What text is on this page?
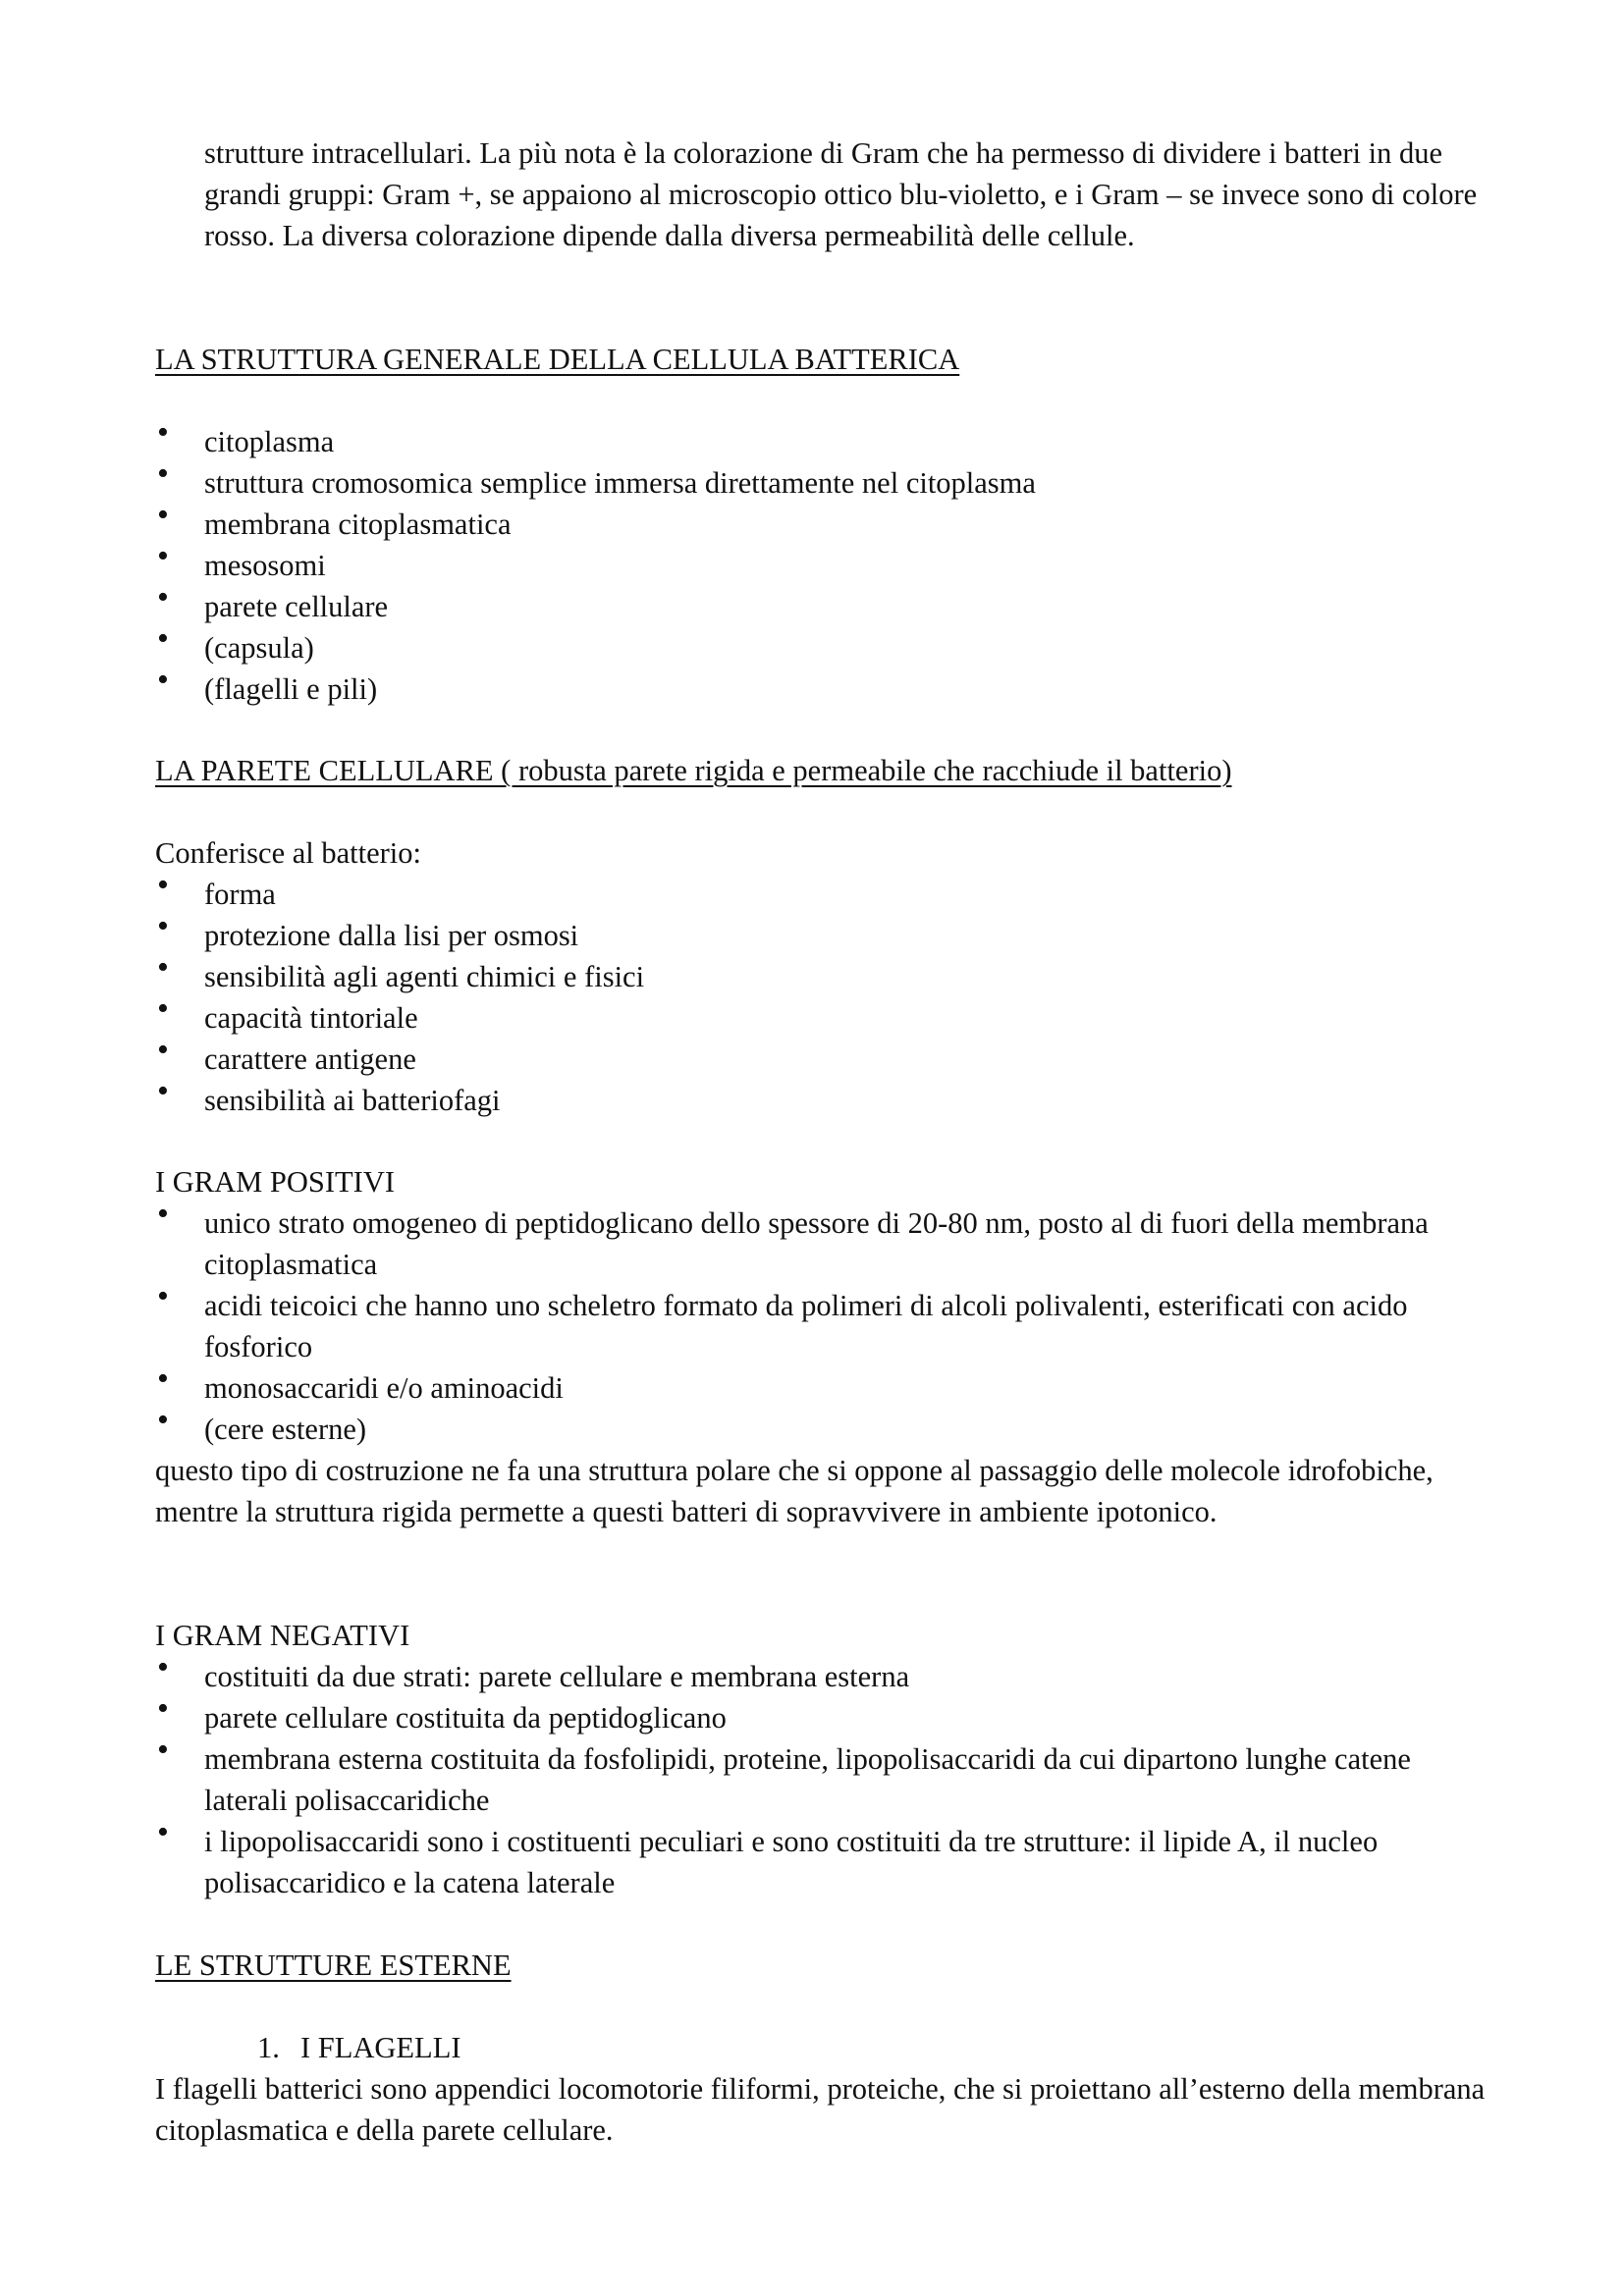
strutture intracellulari. La più nota è la colorazione di Gram che ha permesso di dividere i batteri in due grandi gruppi: Gram +, se appaiono al microscopio ottico blu-violetto, e i Gram – se invece sono di colore rosso. La diversa colorazione dipende dalla diversa permeabilità delle cellule.

LA STRUTTURA GENERALE DELLA CELLULA BATTERICA

• citoplasma
• struttura cromosomica semplice immersa direttamente nel citoplasma
• membrana citoplasmatica
• mesosomi
• parete cellulare
• (capsula)
• (flagelli e pili)

LA PARETE CELLULARE ( robusta parete rigida e permeabile che racchiude il batterio)

Conferisce al batterio:

• forma
• protezione dalla lisi per osmosi
• sensibilità agli agenti chimici e fisici
• capacità tintoriale
• carattere antigene
• sensibilità ai batteriofagi

I GRAM POSITIVI

• unico strato omogeneo di peptidoglicano dello spessore di 20-80 nm, posto al di fuori della membrana citoplasmatica
• acidi teicoici che hanno uno scheletro formato da polimeri di alcoli polivalenti, esterificati con acido fosforico
• monosaccaridi e/o aminoacidi
• (cere esterne)

questo tipo di costruzione ne fa una struttura polare che si oppone al passaggio delle molecole idrofobiche, mentre la struttura rigida permette a questi batteri di sopravvivere in ambiente ipotonico.

I GRAM NEGATIVI

• costituiti da due strati: parete cellulare e membrana esterna
• parete cellulare costituita da peptidoglicano
• membrana esterna costituita da fosfolipidi, proteine, lipopolisaccaridi da cui dipartono lunghe catene laterali polisaccaridiche
• i lipopolisaccaridi sono i costituenti peculiari e sono costituiti da tre strutture: il lipide A, il nucleo polisaccaridico e la catena laterale

LE STRUTTURE ESTERNE

1. I FLAGELLI

I flagelli batterici sono appendici locomotorie filiformi, proteiche, che si proiettano all’esterno della membrana citoplasmatica e della parete cellulare.
